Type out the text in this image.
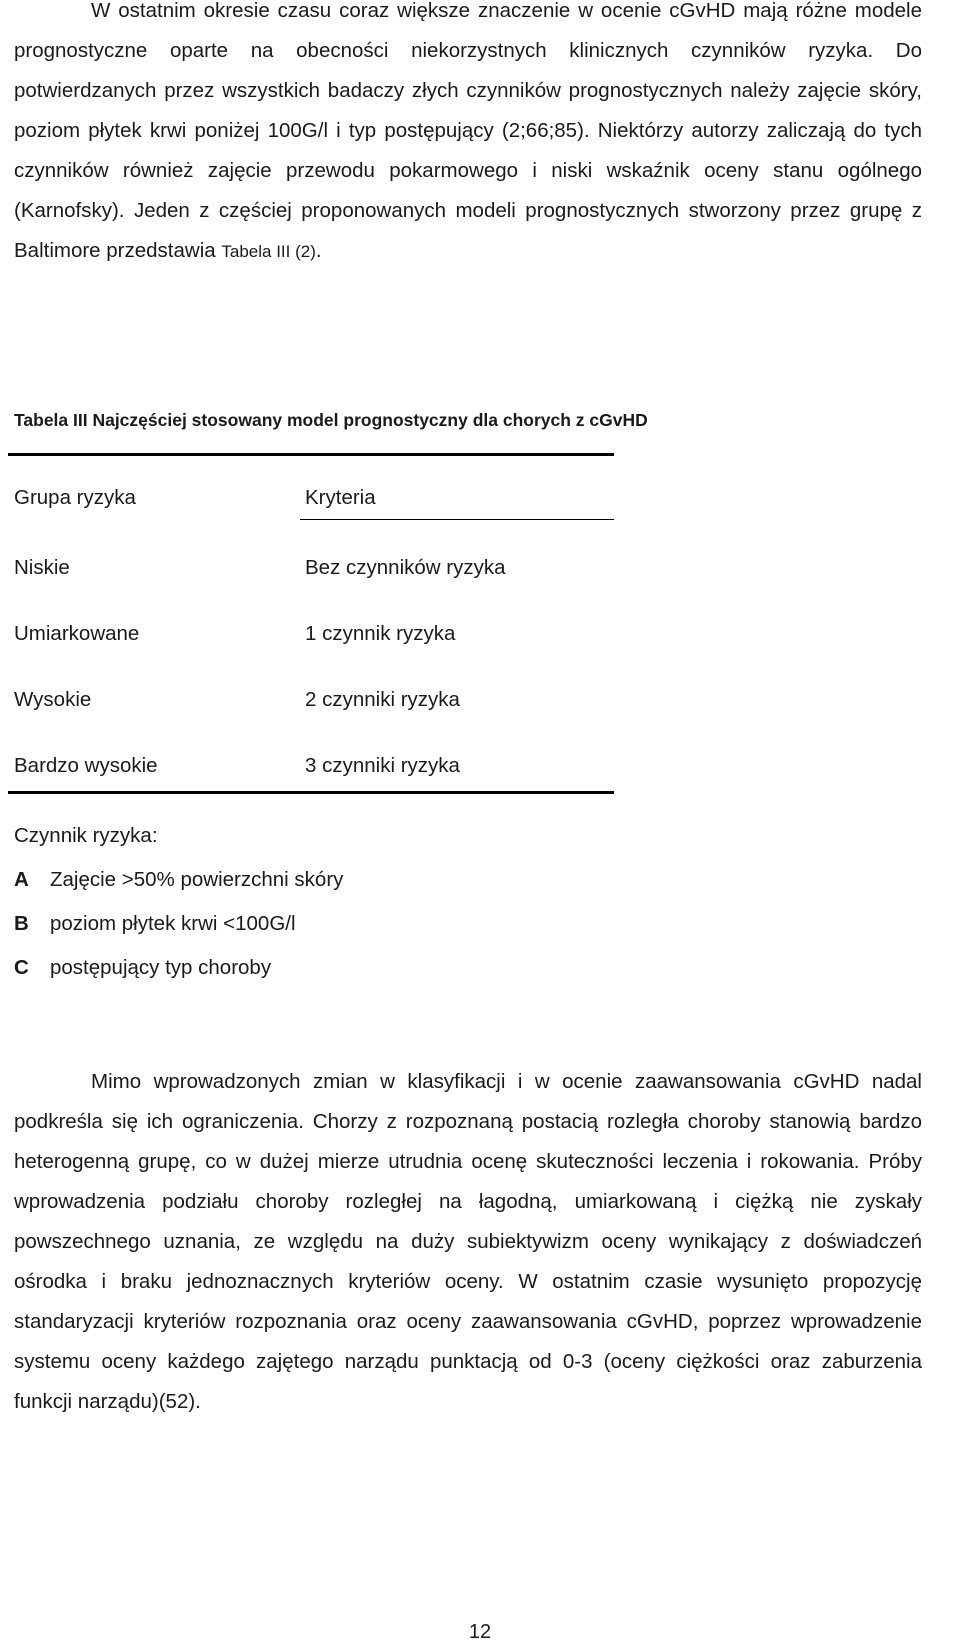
W ostatnim okresie czasu coraz większe znaczenie w ocenie cGvHD mają różne modele prognostyczne oparte na obecności niekorzystnych klinicznych czynników ryzyka. Do potwierdzanych przez wszystkich badaczy złych czynników prognostycznych należy zajęcie skóry, poziom płytek krwi poniżej 100G/l i typ postępujący (2;66;85). Niektórzy autorzy zaliczają do tych czynników również zajęcie przewodu pokarmowego i niski wskaźnik oceny stanu ogólnego (Karnofsky). Jeden z częściej proponowanych modeli prognostycznych stworzony przez grupę z Baltimore przedstawia Tabela III (2).

Tabela III Najczęściej stosowany model prognostyczny dla chorych z cGvHD

Grupa ryzyka	Kryteria

Niskie	Bez czynników ryzyka

Umiarkowane	1 czynnik ryzyka

Wysokie	2 czynniki ryzyka

Bardzo wysokie	3 czynniki ryzyka

Czynnik ryzyka:

A Zajęcie >50% powierzchni skóry

B poziom płytek krwi <100G/l

C postępujący typ choroby

Mimo wprowadzonych zmian w klasyfikacji i w ocenie zaawansowania cGvHD nadal podkreśla się ich ograniczenia. Chorzy z rozpoznaną postacią rozległa choroby stanowią bardzo heterogenną grupę, co w dużej mierze utrudnia ocenę skuteczności leczenia i rokowania. Próby wprowadzenia podziału choroby rozległej na łagodną, umiarkowaną i ciężką nie zyskały powszechnego uznania, ze względu na duży subiektywizm oceny wynikający z doświadczeń ośrodka i braku jednoznacznych kryteriów oceny. W ostatnim czasie wysunięto propozycję standaryzacji kryteriów rozpoznania oraz oceny zaawansowania cGvHD, poprzez wprowadzenie systemu oceny każdego zajętego narządu punktacją od 0-3 (oceny ciężkości oraz zaburzenia funkcji narządu)(52).

12
